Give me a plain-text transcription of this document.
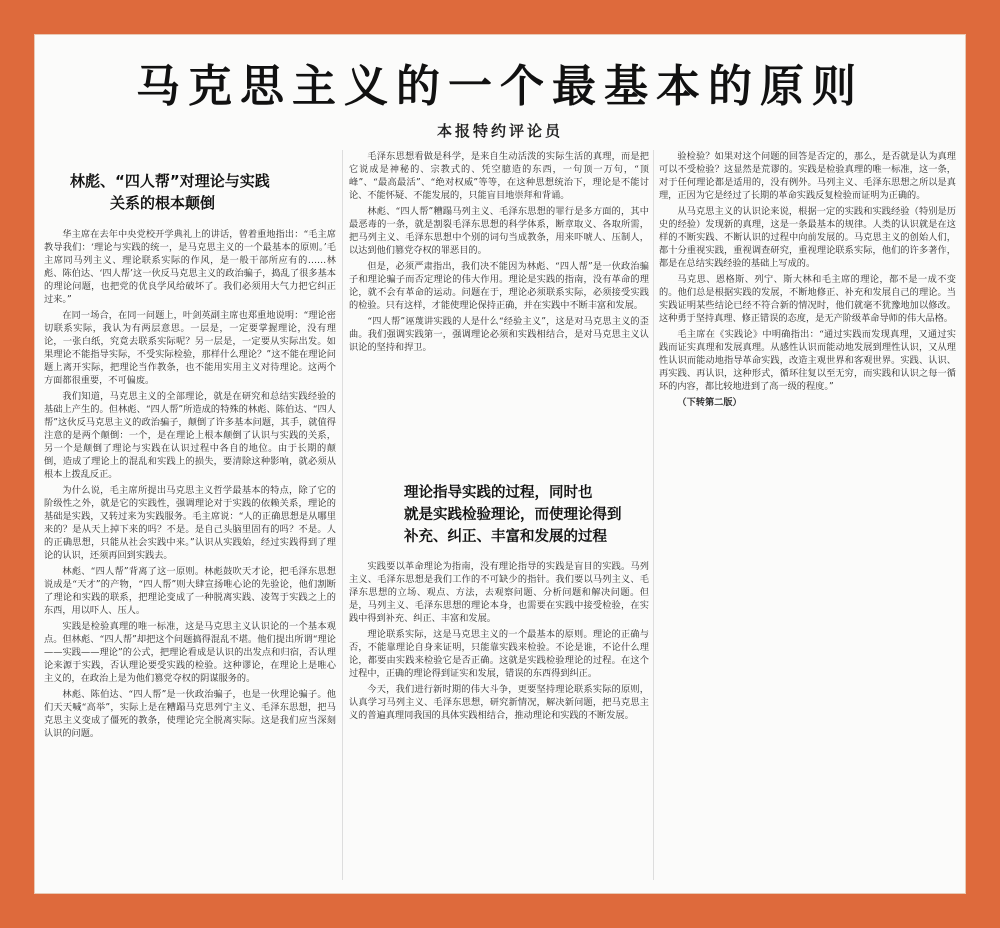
马克思主义的一个最基本的原则
本报特约评论员

林彪、“四人帮”对理论与实践
关系的根本颠倒

华主席在去年中央党校开学典礼上的讲话，曾着重地指出：“毛主席教导我们：‘理论与实践的统一，是马克思主义的一个最基本的原则。’毛主席同马列主义、理论联系实际的作风，是一般干部所应有的……林彪、陈伯达、‘四人帮’这一伙反马克思主义的政治骗子，捣乱了很多基本的理论问题，也把党的优良学风给破坏了。我们必须用大气力把它纠正过来。”

在同一场合，在同一问题上，叶剑英副主席也郑重地说明：“理论密切联系实际，我认为有两层意思。一层是，一定要掌握理论，没有理论，一张白纸，究竟去联系实际呢？另一层是，一定要从实际出发。如果理论不能指导实际，不受实际检验，那样什么理论？”这不能在理论问题上离开实际，把理论当作教条，也不能用实用主义对待理论。这两个方面都很重要，不可偏废。

我们知道，马克思主义的全部理论，就是在研究和总结实践经验的基础上产生的。但林彪、“四人帮”所造成的特殊的林彪、陈伯达、“四人帮”这伙反马克思主义的政治骗子，颠倒了许多基本问题，其手，就值得注意的是两个颠倒：一个，是在理论上根本颠倒了认识与实践的关系，另一个是颠倒了理论与实践在认识过程中各自的地位。由于长期的颠倒，造成了理论上的混乱和实践上的损失，要清除这种影响，就必须从根本上拨乱反正。

为什么说，毛主席所提出马克思主义哲学最基本的特点，除了它的阶级性之外，就是它的实践性，强调理论对于实践的依赖关系，理论的基础是实践，又转过来为实践服务。毛主席说：“人的正确思想是从哪里来的？是从天上掉下来的吗？不是。是自己头脑里固有的吗？不是。人的正确思想，只能从社会实践中来。”认识从实践始，经过实践得到了理论的认识，还须再回到实践去。

林彪、“四人帮”背离了这一原则。林彪鼓吹天才论，把毛泽东思想说成是“天才”的产物，“四人帮”则大肆宣扬唯心论的先验论，他们割断了理论和实践的联系，把理论变成了一种脱离实践、凌驾于实践之上的东西，用以吓人、压人。

实践是检验真理的唯一标准，这是马克思主义认识论的一个基本观点。但林彪、“四人帮”却把这个问题搞得混乱不堪。他们提出所谓“理论——实践——理论”的公式，把理论看成是认识的出发点和归宿，否认理论来源于实践，否认理论要受实践的检验。这种谬论，在理论上是唯心主义的，在政治上是为他们篡党夺权的阴谋服务的。

林彪、陈伯达、“四人帮”是一伙政治骗子，也是一伙理论骗子。他们天天喊“高举”，实际上是在糟蹋马克思列宁主义、毛泽东思想，把马克思主义变成了僵死的教条，使理论完全脱离实际。这是我们应当深刻认识的问题。

毛泽东思想看做是科学，是来自生动活泼的实际生活的真理，而是把它说成是神秘的、宗教式的、凭空臆造的东西，一句顶一万句，“顶峰”、“最高最活”、“绝对权威”等等，在这种思想统治下，理论是不能讨论、不能怀疑、不能发展的，只能盲目地崇拜和背诵。

林彪、“四人帮”糟蹋马列主义、毛泽东思想的罪行是多方面的，其中最恶毒的一条，就是割裂毛泽东思想的科学体系，断章取义、各取所需，把马列主义、毛泽东思想中个别的词句当成教条，用来吓唬人、压制人，以达到他们篡党夺权的罪恶目的。

但是，必须严肃指出，我们决不能因为林彪、“四人帮”是一伙政治骗子和理论骗子而否定理论的伟大作用。理论是实践的指南，没有革命的理论，就不会有革命的运动。问题在于，理论必须联系实际，必须接受实践的检验。只有这样，才能使理论保持正确，并在实践中不断丰富和发展。

“四人帮”诬蔑讲实践的人是什么“经验主义”，这是对马克思主义的歪曲。我们强调实践第一，强调理论必须和实践相结合，是对马克思主义认识论的坚持和捍卫。

理论指导实践的过程，同时也
就是实践检验理论，而使理论得到
补充、纠正、丰富和发展的过程

实践要以革命理论为指南，没有理论指导的实践是盲目的实践。马列主义、毛泽东思想是我们工作的不可缺少的指针。我们要以马列主义、毛泽东思想的立场、观点、方法，去观察问题、分析问题和解决问题。但是，马列主义、毛泽东思想的理论本身，也需要在实践中接受检验，在实践中得到补充、纠正、丰富和发展。

理论联系实际，这是马克思主义的一个最基本的原则。理论的正确与否，不能靠理论自身来证明，只能靠实践来检验。不论是谁，不论什么理论，都要由实践来检验它是否正确。这就是实践检验理论的过程。在这个过程中，正确的理论得到证实和发展，错误的东西得到纠正。

今天，我们进行新时期的伟大斗争，更要坚持理论联系实际的原则，认真学习马列主义、毛泽东思想，研究新情况，解决新问题，把马克思主义的普遍真理同我国的具体实践相结合，推动理论和实践的不断发展。

验检验？如果对这个问题的回答是否定的，那么，是否就是认为真理可以不受检验？这显然是荒谬的。实践是检验真理的唯一标准，这一条，对于任何理论都是适用的，没有例外。马列主义、毛泽东思想之所以是真理，正因为它是经过了长期的革命实践反复检验而证明为正确的。

从马克思主义的认识论来说，根据一定的实践和实践经验（特别是历史的经验）发现新的真理，这是一条最基本的规律。人类的认识就是在这样的不断实践、不断认识的过程中向前发展的。马克思主义的创始人们，都十分重视实践，重视调查研究，重视理论联系实际，他们的许多著作，都是在总结实践经验的基础上写成的。

马克思、恩格斯、列宁、斯大林和毛主席的理论，都不是一成不变的。他们总是根据实践的发展，不断地修正、补充和发展自己的理论。当实践证明某些结论已经不符合新的情况时，他们就毫不犹豫地加以修改。这种勇于坚持真理、修正错误的态度，是无产阶级革命导师的伟大品格。

毛主席在《实践论》中明确指出：“通过实践而发现真理，又通过实践而证实真理和发展真理。从感性认识而能动地发展到理性认识，又从理性认识而能动地指导革命实践，改造主观世界和客观世界。实践、认识、再实践、再认识，这种形式，循环往复以至无穷，而实践和认识之每一循环的内容，都比较地进到了高一级的程度。”

（下转第二版）
